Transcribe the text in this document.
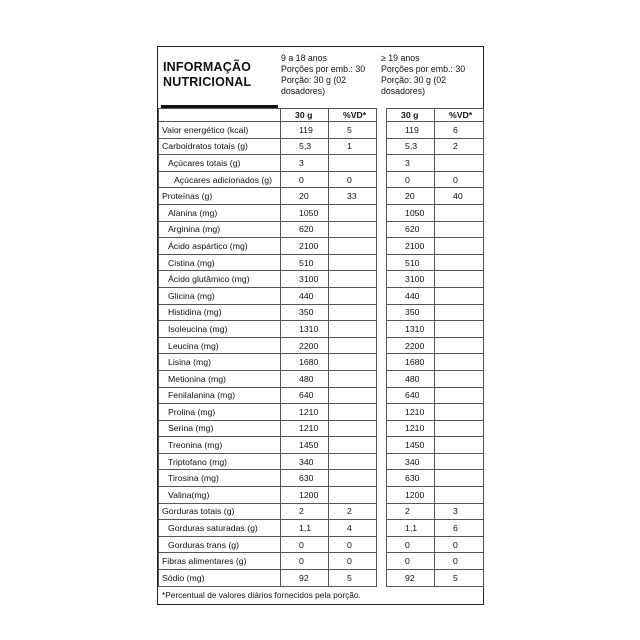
INFORMAÇÃO
NUTRICIONAL
9 a 18 anos
Porções por emb.: 30
Porção: 30 g (02
dosadores)
≥ 19 anos
Porções por emb.: 30
Porção: 30 g (02
dosadores)
	30 g	%VD*		30 g	%VD*
Valor energético (kcal)	119	5		119	6
Carboidratos totais (g)	5,3	1		5,3	2
Açúcares totais (g)	3			3	
Açúcares adicionados (g)	0	0		0	0
Proteínas (g)	20	33		20	40
Alanina (mg)	1050			1050	
Arginina (mg)	620			620	
Ácido aspártico (mg)	2100			2100	
Cistina (mg)	510			510	
Ácido glutâmico (mg)	3100			3100	
Glicina (mg)	440			440	
Histidina (mg)	350			350	
Isoleucina (mg)	1310			1310	
Leucina (mg)	2200			2200	
Lisina (mg)	1680			1680	
Metionina (mg)	480			480	
Fenilalanina (mg)	640			640	
Prolina (mg)	1210			1210	
Serina (mg)	1210			1210	
Treonina (mg)	1450			1450	
Triptofano (mg)	340			340	
Tirosina (mg)	630			630	
Valina(mg)	1200			1200	
Gorduras totais (g)	2	2		2	3
Gorduras saturadas (g)	1,1	4		1,1	6
Gorduras trans (g)	0	0		0	0
Fibras alimentares (g)	0	0		0	0
Sódio (mg)	92	5		92	5
*Percentual de valores diários fornecidos pela porção.
